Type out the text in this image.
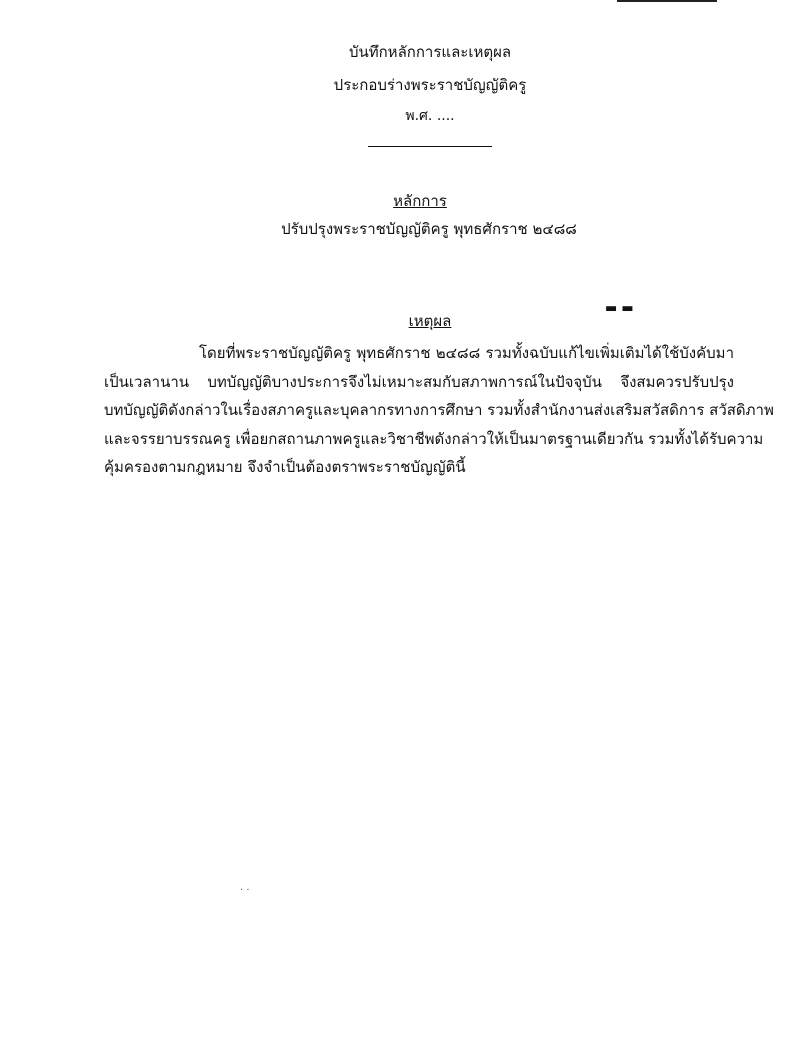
บันทึกหลักการและเหตุผล
ประกอบร่างพระราชบัญญัติครู
พ.ศ. ....
หลักการ
ปรับปรุงพระราชบัญญัติครู พุทธศักราช ๒๔๘๘
▬ ▬
เหตุผล
โดยที่พระราชบัญญัติครู พุทธศักราช ๒๔๘๘ รวมทั้งฉบับแก้ไขเพิ่มเติมได้ใช้บังคับมา
เป็นเวลานาน บทบัญญัติบางประการจึงไม่เหมาะสมกับสภาพการณ์ในปัจจุบัน จึงสมควรปรับปรุง
บทบัญญัติดังกล่าวในเรื่องสภาครูและบุคลากรทางการศึกษา รวมทั้งสำนักงานส่งเสริมสวัสดิการ สวัสดิภาพ
และจรรยาบรรณครู เพื่อยกสถานภาพครูและวิชาชีพดังกล่าวให้เป็นมาตรฐานเดียวกัน รวมทั้งได้รับความ
คุ้มครองตามกฎหมาย จึงจำเป็นต้องตราพระราชบัญญัตินี้
· ·
